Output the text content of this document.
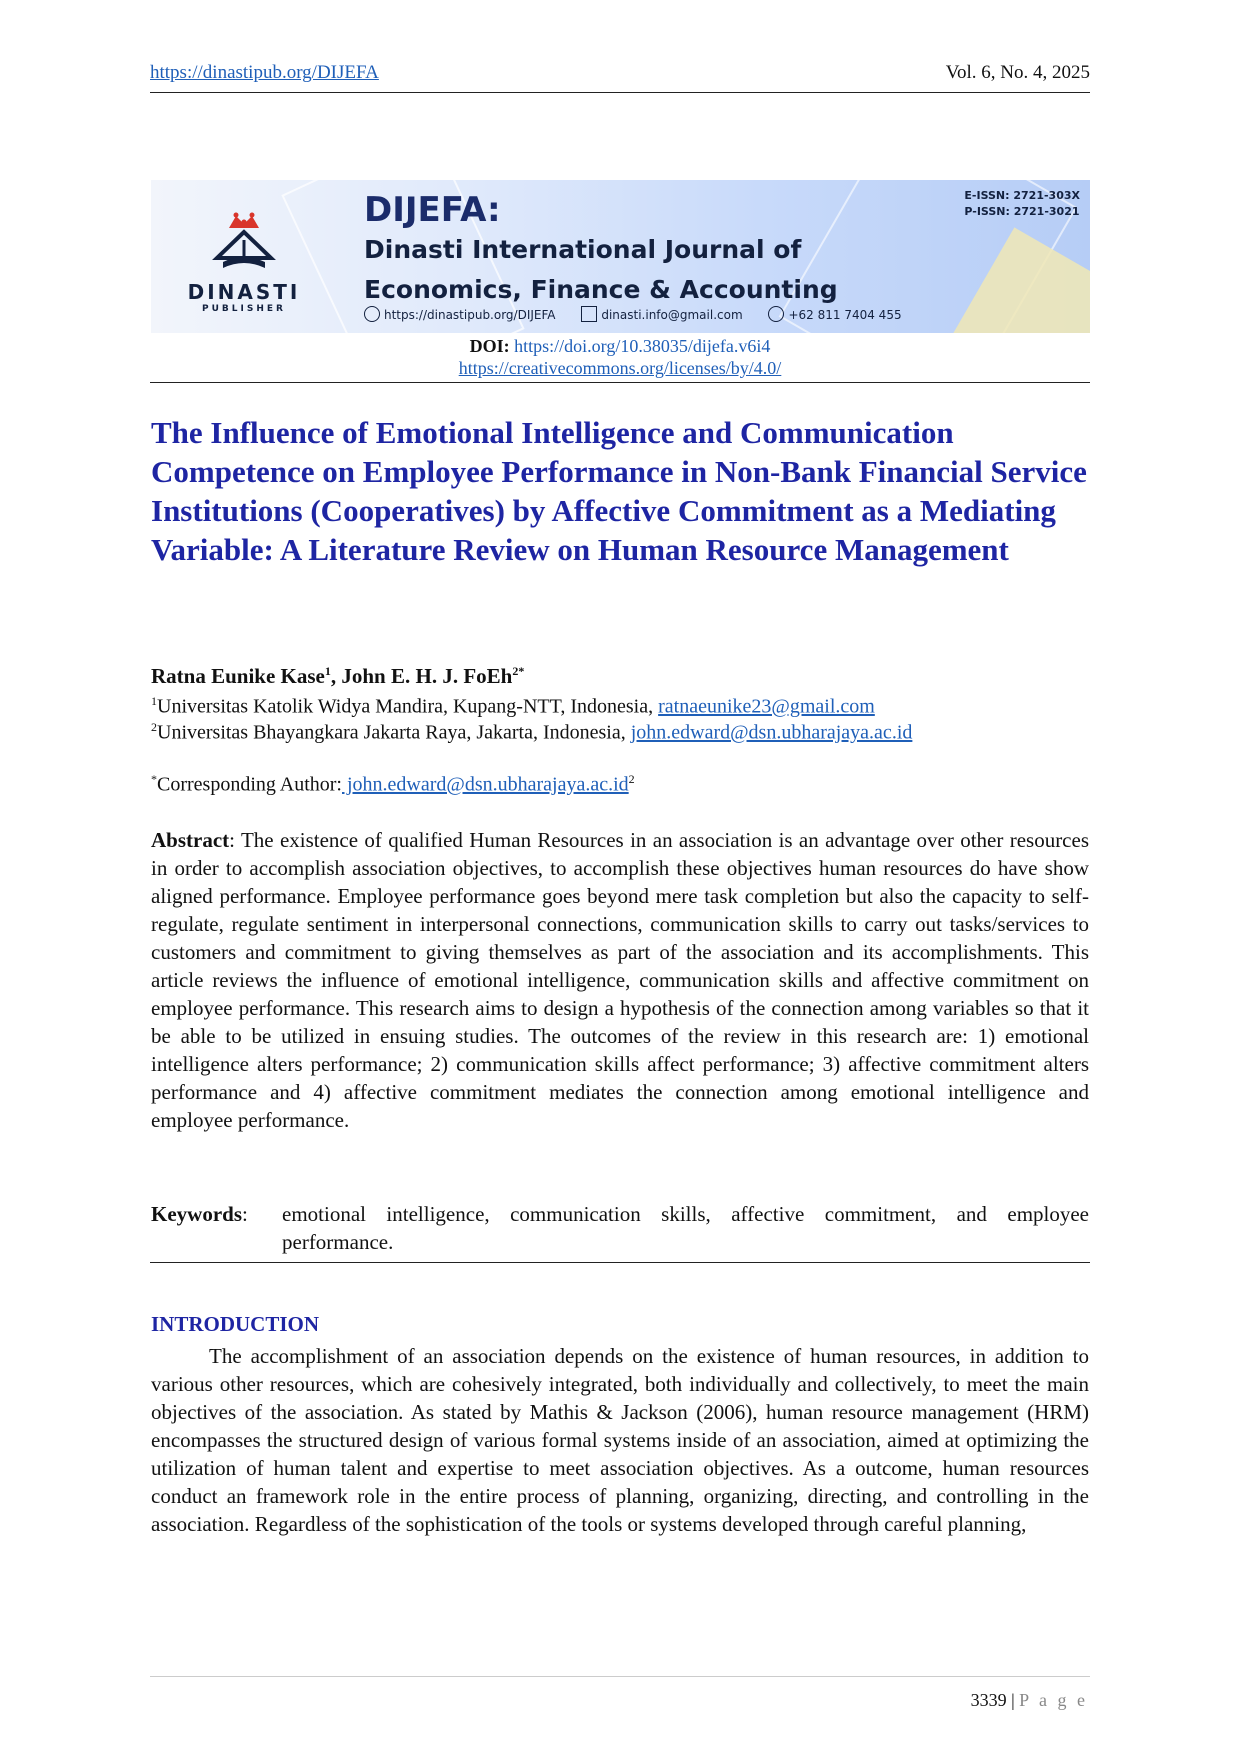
https://dinastipub.org/DIJEFA	Vol. 6, No. 4, 2025
DINASTI
PUBLISHER
DIJEFA:
Dinasti International Journal of
Economics, Finance & Accounting
https://dinastipub.org/DIJEFA	dinasti.info@gmail.com	+62 811 7404 455
E-ISSN: 2721-303X
P-ISSN: 2721-3021
DOI: https://doi.org/10.38035/dijefa.v6i4
https://creativecommons.org/licenses/by/4.0/
The Influence of Emotional Intelligence and Communication Competence on Employee Performance in Non-Bank Financial Service Institutions (Cooperatives) by Affective Commitment as a Mediating Variable: A Literature Review on Human Resource Management
Ratna Eunike Kase$^1$, John E. H. J. FoEh$^{2*}$
$^1$Universitas Katolik Widya Mandira, Kupang-NTT, Indonesia, ratnaeunike23@gmail.com
$^2$Universitas Bhayangkara Jakarta Raya, Jakarta, Indonesia, john.edward@dsn.ubharajaya.ac.id
*Corresponding Author: $john.edward@dsn.ubharajaya.ac.id^2$

Abstract: The existence of qualified Human Resources in an association is an advantage over other resources in order to accomplish association objectives, to accomplish these objectives human resources do have show aligned performance. Employee performance goes beyond mere task completion but also the capacity to self-regulate, regulate sentiment in interpersonal connections, communication skills to carry out tasks/services to customers and commitment to giving themselves as part of the association and its accomplishments. This article reviews the influence of emotional intelligence, communication skills and affective commitment on employee performance. This research aims to design a hypothesis of the connection among variables so that it be able to be utilized in ensuing studies. The outcomes of the review in this research are: 1) emotional intelligence alters performance; 2) communication skills affect performance; 3) affective commitment alters performance and 4) affective commitment mediates the connection among emotional intelligence and employee performance.

Keywords: emotional intelligence, communication skills, affective commitment, and employee performance.
INTRODUCTION

The accomplishment of an association depends on the existence of human resources, in addition to various other resources, which are cohesively integrated, both individually and collectively, to meet the main objectives of the association. As stated by Mathis & Jackson (2006), human resource management (HRM) encompasses the structured design of various formal systems inside of an association, aimed at optimizing the utilization of human talent and expertise to meet association objectives. As a outcome, human resources conduct an framework role in the entire process of planning, organizing, directing, and controlling in the association. Regardless of the sophistication of the tools or systems developed through careful planning,

3339 | P a g e
